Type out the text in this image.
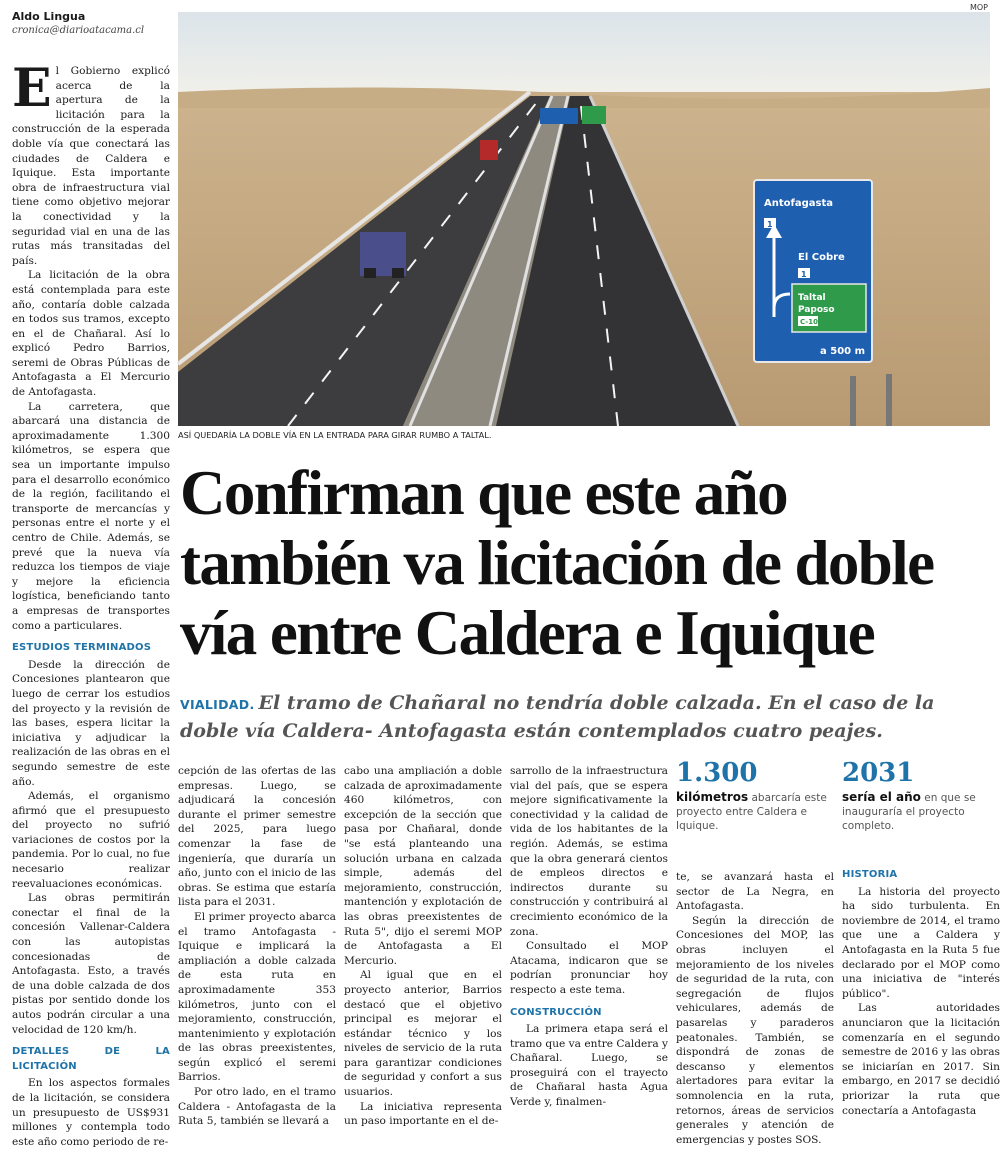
Aldo Lingua
cronica@diarioatacama.cl

El Gobierno explicó acerca de la apertura de la licitación para la construcción de la esperada doble vía que conectará las ciudades de Caldera e Iquique. Esta importante obra de infraestructura vial tiene como objetivo mejorar la conectividad y la seguridad vial en una de las rutas más transitadas del país.

La licitación de la obra está contemplada para este año, contaría doble calzada en todos sus tramos, excepto en el de Chañaral. Así lo explicó Pedro Barrios, seremi de Obras Públicas de Antofagasta a El Mercurio de Antofagasta.

La carretera, que abarcará una distancia de aproximadamente 1.300 kilómetros, se espera que sea un importante impulso para el desarrollo económico de la región, facilitando el transporte de mercancías y personas entre el norte y el centro de Chile. Además, se prevé que la nueva vía reduzca los tiempos de viaje y mejore la eficiencia logística, beneficiando tanto a empresas de transportes como a particulares.

ESTUDIOS TERMINADOS

Desde la dirección de Concesiones plantearon que luego de cerrar los estudios del proyecto y la revisión de las bases, espera licitar la iniciativa y adjudicar la realización de las obras en el segundo semestre de este año.

Además, el organismo afirmó que el presupuesto del proyecto no sufrió variaciones de costos por la pandemia. Por lo cual, no fue necesario realizar reevaluaciones económicas.

Las obras permitirán conectar el final de la concesión Vallenar-Caldera con las autopistas concesionadas de Antofagasta. Esto, a través de una doble calzada de dos pistas por sentido donde los autos podrán circular a una velocidad de 120 km/h.

DETALLES DE LA LICITACIÓN

En los aspectos formales de la licitación, se considera un presupuesto de US$931 millones y contempla todo este año como periodo de re-

MOP
Antofagasta
1
El Cobre
1
Taltal
Paposo
C-10
a 500 m
ASÍ QUEDARÍA LA DOBLE VÍA EN LA ENTRADA PARA GIRAR RUMBO A TALTAL.
Confirman que este año también va licitación de doble vía entre Caldera e Iquique
VIALIDAD. El tramo de Chañaral no tendría doble calzada. En el caso de la doble vía Caldera- Antofagasta están contemplados cuatro peajes.

cepción de las ofertas de las empresas. Luego, se adjudicará la concesión durante el primer semestre del 2025, para luego comenzar la fase de ingeniería, que duraría un año, junto con el inicio de las obras. Se estima que estaría lista para el 2031.

El primer proyecto abarca el tramo Antofagasta - Iquique e implicará la ampliación a doble calzada de esta ruta en aproximadamente 353 kilómetros, junto con el mejoramiento, construcción, mantenimiento y explotación de las obras preexistentes, según explicó el seremi Barrios.

Por otro lado, en el tramo Caldera - Antofagasta de la Ruta 5, también se llevará a

cabo una ampliación a doble calzada de aproximadamente 460 kilómetros, con excepción de la sección que pasa por Chañaral, donde "se está planteando una solución urbana en calzada simple, además del mejoramiento, construcción, mantención y explotación de las obras preexistentes de Ruta 5", dijo el seremi MOP de Antofagasta a El Mercurio.

Al igual que en el proyecto anterior, Barrios destacó que el objetivo principal es mejorar el estándar técnico y los niveles de servicio de la ruta para garantizar condiciones de seguridad y confort a sus usuarios.

La iniciativa representa un paso importante en el de-

sarrollo de la infraestructura vial del país, que se espera mejore significativamente la conectividad y la calidad de vida de los habitantes de la región. Además, se estima que la obra generará cientos de empleos directos e indirectos durante su construcción y contribuirá al crecimiento económico de la zona.

Consultado el MOP Atacama, indicaron que se podrían pronunciar hoy respecto a este tema.

CONSTRUCCIÓN

La primera etapa será el tramo que va entre Caldera y Chañaral. Luego, se proseguirá con el trayecto de Chañaral hasta Agua Verde y, finalmen-

1.300
kilómetros abarcaría este proyecto entre Caldera e Iquique.
2031
sería el año en que se inauguraría el proyecto completo.

te, se avanzará hasta el sector de La Negra, en Antofagasta.

Según la dirección de Concesiones del MOP, las obras incluyen el mejoramiento de los niveles de seguridad de la ruta, con segregación de flujos vehiculares, además de pasarelas y paraderos peatonales. También, se dispondrá de zonas de descanso y elementos alertadores para evitar la somnolencia en la ruta, retornos, áreas de servicios generales y atención de emergencias y postes SOS.

HISTORIA

La historia del proyecto ha sido turbulenta. En noviembre de 2014, el tramo que une a Caldera y Antofagasta en la Ruta 5 fue declarado por el MOP como una iniciativa de "interés público".

Las autoridades anunciaron que la licitación comenzaría en el segundo semestre de 2016 y las obras se iniciarían en 2017. Sin embargo, en 2017 se decidió priorizar la ruta que conectaría a Antofagasta
